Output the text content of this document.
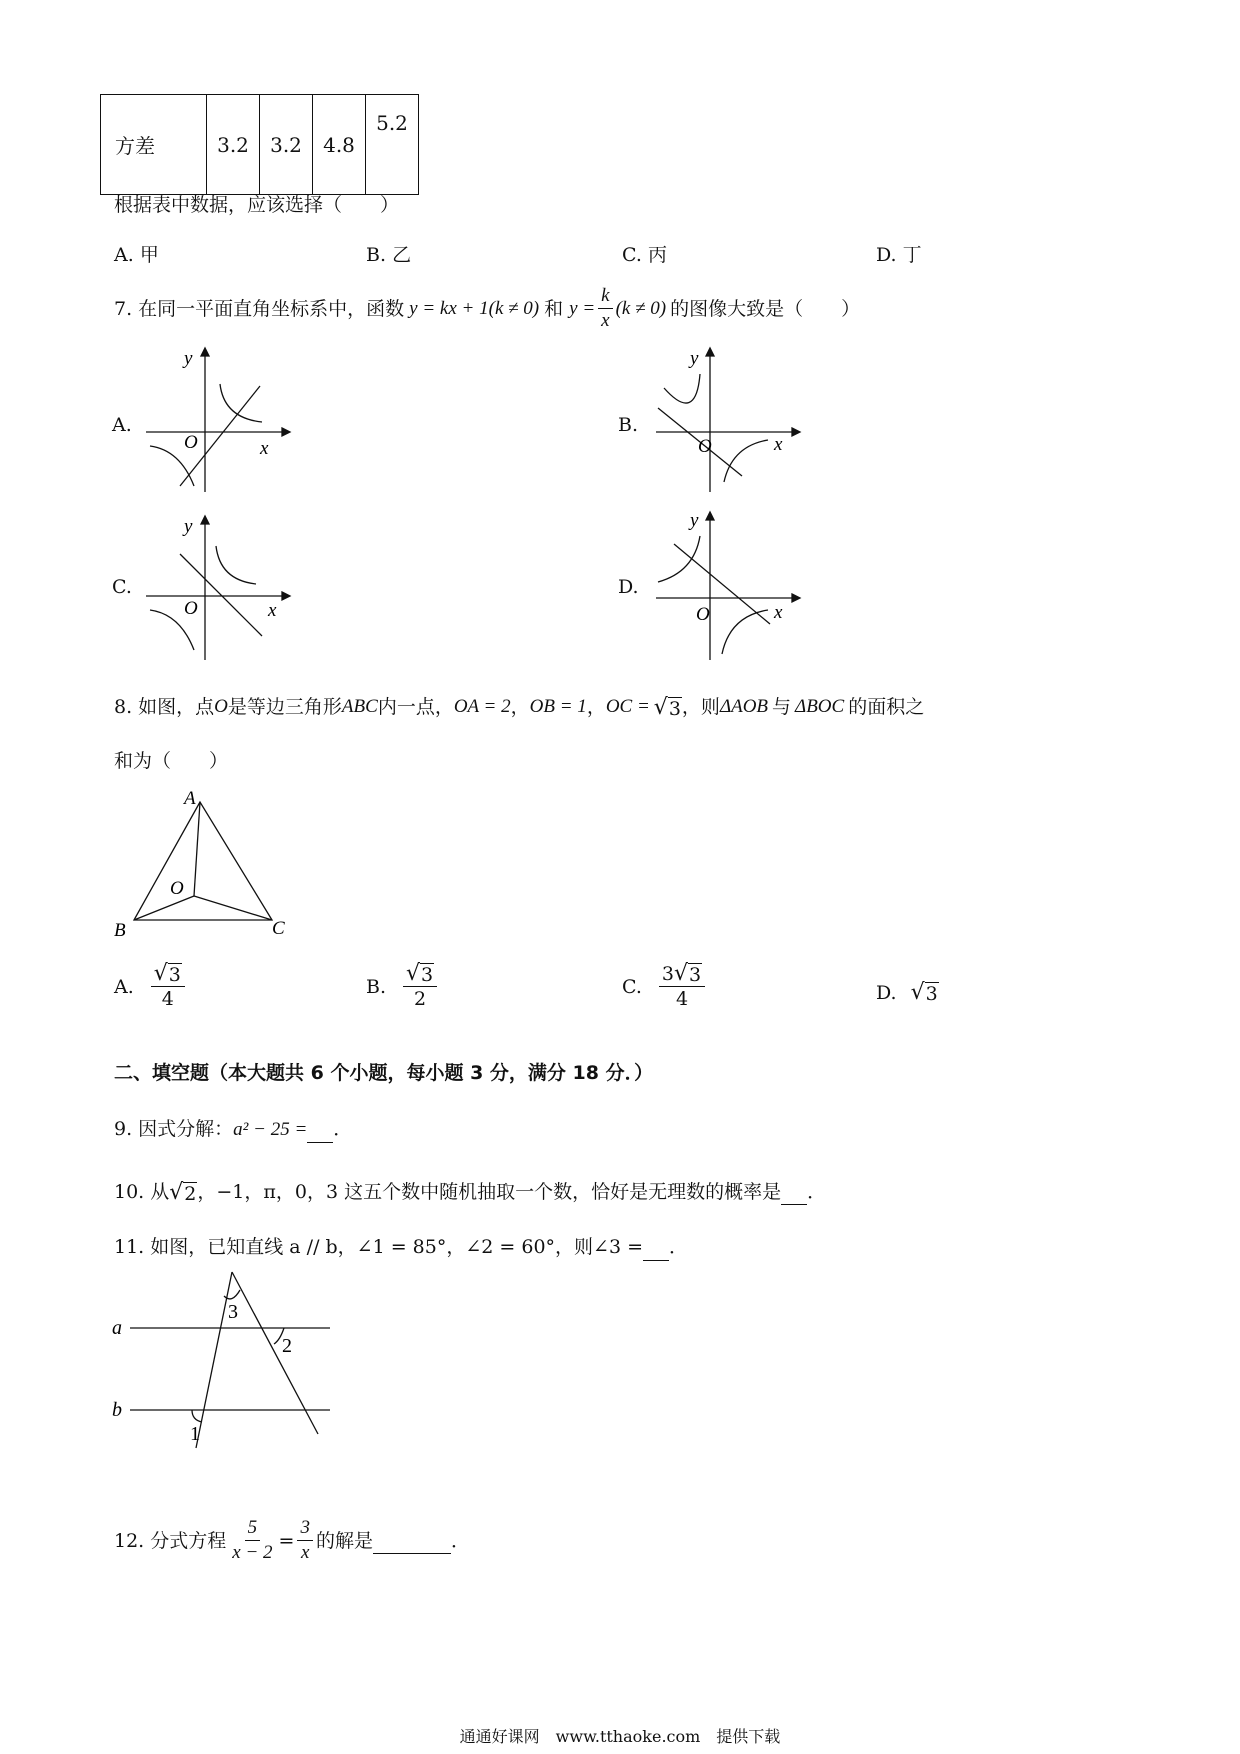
方差	3.2	3.2	4.8	5.2
根据表中数据，应该选择（　　）
A. 甲	B. 乙	C. 丙	D. 丁
7. 在同一平面直角坐标系中，函数 y = kx + 1(k ≠ 0) 和 $y = \frac{k}{x} (k \ne 0)$ 的图像大致是（　　）
A.
O	x
y
B.
O	x
y
C.
O	x
y
D.
O	x
y
8. 如图，点 O 是等边三角形 ABC 内一点， OA = 2 ， OB = 1 ， OC = √ 3 ，则 ΔAOB 与 ΔBOC 的面积之
和为（　　）
A
B	C
O
A. $\frac{√ 3}{4}$	B. $\frac{√ 3}{2}$	C. $\frac{3 √ 3}{4}$	D. √ 3
二、填空题（本大题共 6 个小题，每小题 3 分，满分 18 分．）
9. 因式分解：a² − 25 = ．
10. 从 √ 2 ，−1，π，0，3 这五个数中随机抽取一个数，恰好是无理数的概率是
．
11. 如图，已知直线 a // b，∠1 = 85°，∠2 = 60°，则∠3 = ．
a
b
3
2
1
12. 分式方程 $\frac{5}{x - 2} = \frac{3}{x}$ 的解是
	．
通通好课网　www.tthaoke.com　提供下载
